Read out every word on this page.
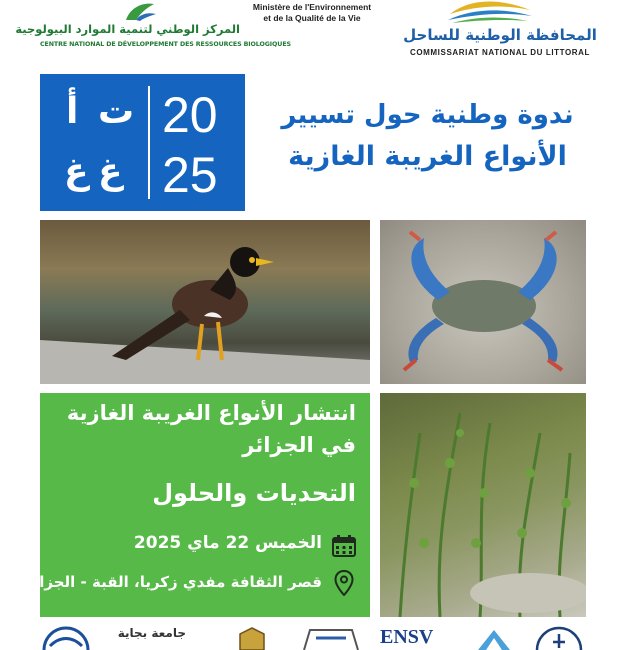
المركز الوطني لتنمية الموارد البيولوجية
CENTRE NATIONAL DE DÉVELOPPEMENT DES RESSOURCES BIOLOGIQUES
Ministère de l'Environnement
et de la Qualité de la Vie
المحافظة الوطنية للساحل
COMMISSARIAT NATIONAL DU LITTORAL
20
25
ت
أ
غ
غ
ندوة وطنية حول تسيير
الأنواع الغريبة الغازية
انتشار الأنواع الغريبة الغازية
في الجزائر
التحديات والحلول
الخميس 22 ماي 2025
قصر الثقافة مفدي زكريا، القبة - الجزائر
جامعة بجاية	ENSV
